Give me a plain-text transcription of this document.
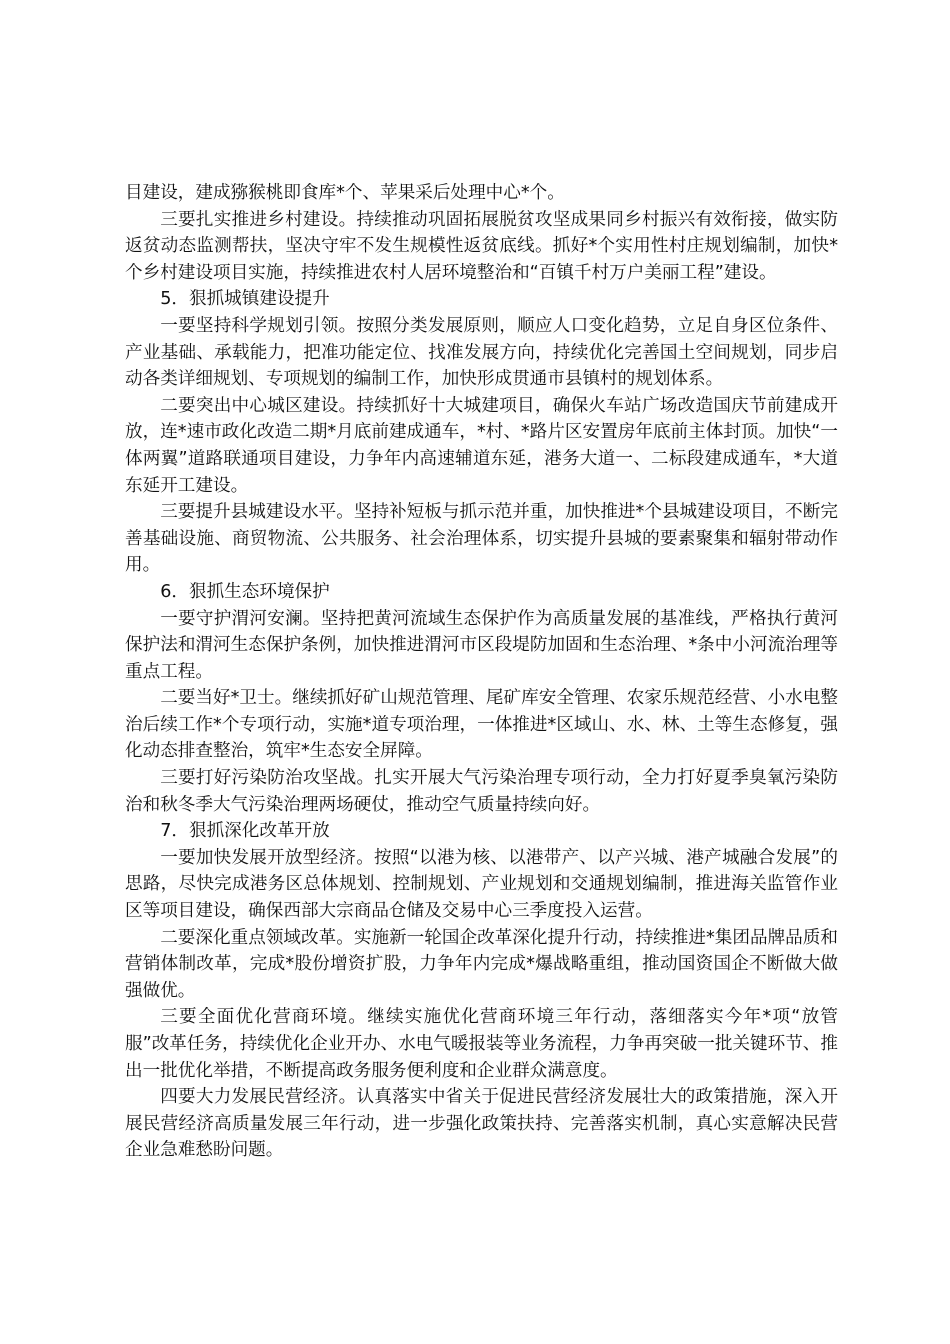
目建设，建成猕猴桃即食库*个、苹果采后处理中心*个。

三要扎实推进乡村建设。持续推动巩固拓展脱贫攻坚成果同乡村振兴有效衔接，做实防返贫动态监测帮扶，坚决守牢不发生规模性返贫底线。抓好*个实用性村庄规划编制，加快*个乡村建设项目实施，持续推进农村人居环境整治和“百镇千村万户美丽工程”建设。

5．狠抓城镇建设提升

一要坚持科学规划引领。按照分类发展原则，顺应人口变化趋势，立足自身区位条件、产业基础、承载能力，把准功能定位、找准发展方向，持续优化完善国土空间规划，同步启动各类详细规划、专项规划的编制工作，加快形成贯通市县镇村的规划体系。

二要突出中心城区建设。持续抓好十大城建项目，确保火车站广场改造国庆节前建成开放，连*速市政化改造二期*月底前建成通车，*村、*路片区安置房年底前主体封顶。加快“一体两翼”道路联通项目建设，力争年内高速辅道东延，港务大道一、二标段建成通车，*大道东延开工建设。

三要提升县城建设水平。坚持补短板与抓示范并重，加快推进*个县城建设项目，不断完善基础设施、商贸物流、公共服务、社会治理体系，切实提升县城的要素聚集和辐射带动作用。

6．狠抓生态环境保护

一要守护渭河安澜。坚持把黄河流域生态保护作为高质量发展的基准线，严格执行黄河保护法和渭河生态保护条例，加快推进渭河市区段堤防加固和生态治理、*条中小河流治理等重点工程。

二要当好*卫士。继续抓好矿山规范管理、尾矿库安全管理、农家乐规范经营、小水电整治后续工作*个专项行动，实施*道专项治理，一体推进*区域山、水、林、土等生态修复，强化动态排查整治，筑牢*生态安全屏障。

三要打好污染防治攻坚战。扎实开展大气污染治理专项行动，全力打好夏季臭氧污染防治和秋冬季大气污染治理两场硬仗，推动空气质量持续向好。

7．狠抓深化改革开放

一要加快发展开放型经济。按照“以港为核、以港带产、以产兴城、港产城融合发展”的思路，尽快完成港务区总体规划、控制规划、产业规划和交通规划编制，推进海关监管作业区等项目建设，确保西部大宗商品仓储及交易中心三季度投入运营。

二要深化重点领域改革。实施新一轮国企改革深化提升行动，持续推进*集团品牌品质和营销体制改革，完成*股份增资扩股，力争年内完成*爆战略重组，推动国资国企不断做大做强做优。

三要全面优化营商环境。继续实施优化营商环境三年行动，落细落实今年*项“放管服”改革任务，持续优化企业开办、水电气暖报装等业务流程，力争再突破一批关键环节、推出一批优化举措，不断提高政务服务便利度和企业群众满意度。

四要大力发展民营经济。认真落实中省关于促进民营经济发展壮大的政策措施，深入开展民营经济高质量发展三年行动，进一步强化政策扶持、完善落实机制，真心实意解决民营企业急难愁盼问题。
